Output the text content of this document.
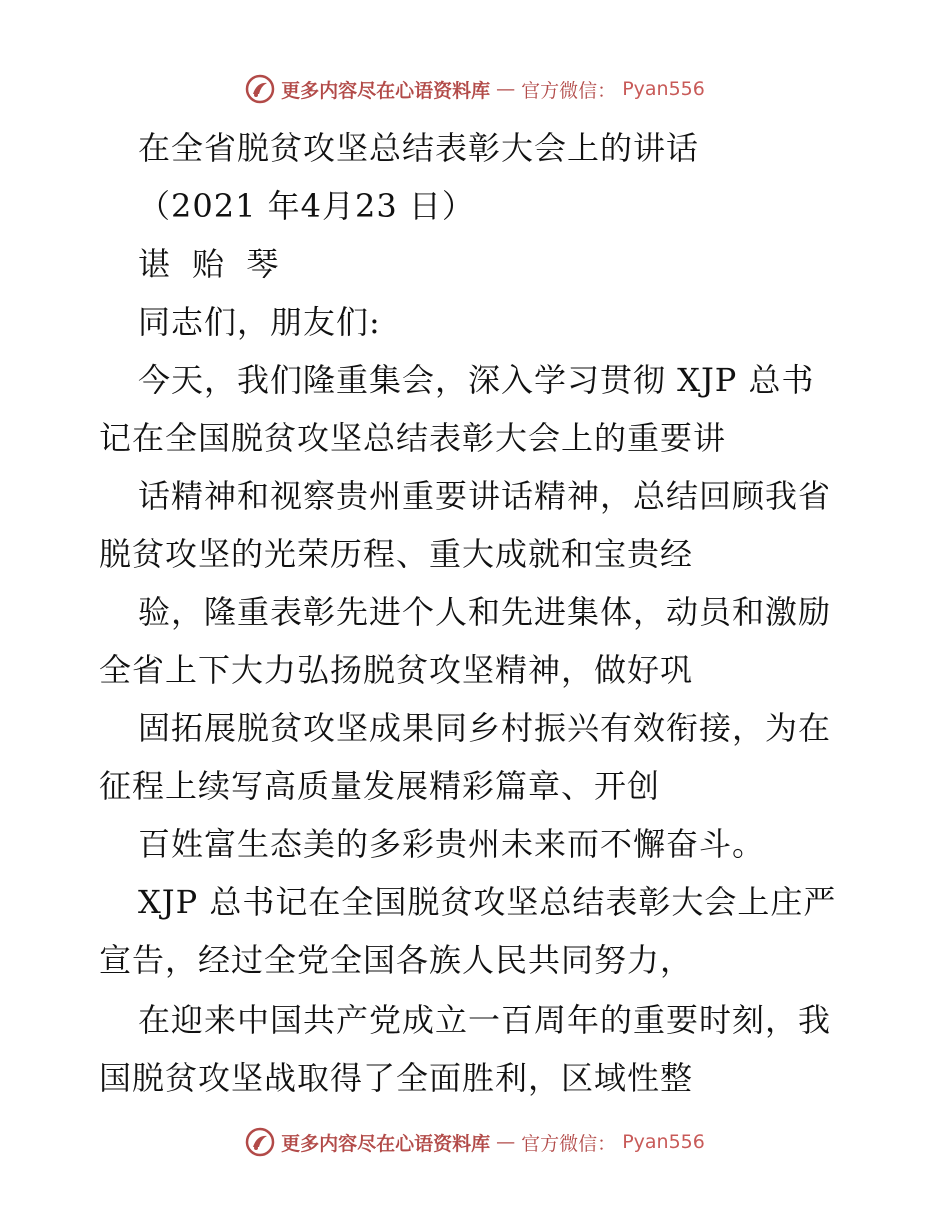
更多内容尽在心语资料库 — 官方微信： Pyan556
在全省脱贫攻坚总结表彰大会上的讲话
（2021 年4月23 日）
谌 贻 琴
同志们，朋友们:
今天，我们隆重集会，深入学习贯彻 XJP 总书
记在全国脱贫攻坚总结表彰大会上的重要讲
话精神和视察贵州重要讲话精神，总结回顾我省
脱贫攻坚的光荣历程、重大成就和宝贵经
验，隆重表彰先进个人和先进集体，动员和激励
全省上下大力弘扬脱贫攻坚精神，做好巩
固拓展脱贫攻坚成果同乡村振兴有效衔接，为在
征程上续写高质量发展精彩篇章、开创
百姓富生态美的多彩贵州未来而不懈奋斗。
XJP 总书记在全国脱贫攻坚总结表彰大会上庄严
宣告，经过全党全国各族人民共同努力，
在迎来中国共产党成立一百周年的重要时刻，我
国脱贫攻坚战取得了全面胜利，区域性整
更多内容尽在心语资料库 — 官方微信： Pyan556
